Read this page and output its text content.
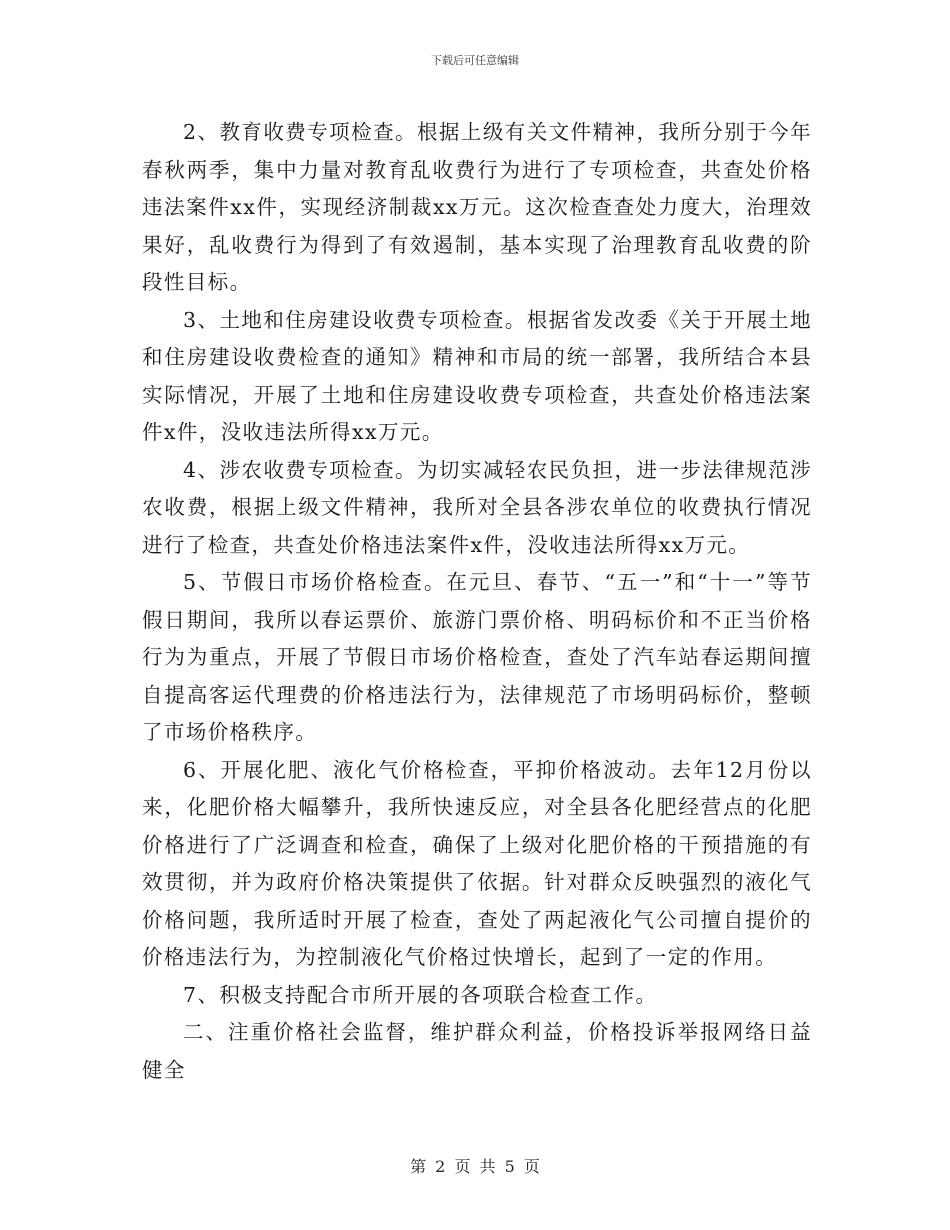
下载后可任意编辑

2、教育收费专项检查。根据上级有关文件精神，我所分别于今年春秋两季，集中力量对教育乱收费行为进行了专项检查，共查处价格违法案件xx件，实现经济制裁xx万元。这次检查查处力度大，治理效果好，乱收费行为得到了有效遏制，基本实现了治理教育乱收费的阶段性目标。

3、土地和住房建设收费专项检查。根据省发改委《关于开展土地和住房建设收费检查的通知》精神和市局的统一部署，我所结合本县实际情况，开展了土地和住房建设收费专项检查，共查处价格违法案件x件，没收违法所得xx万元。

4、涉农收费专项检查。为切实减轻农民负担，进一步法律规范涉农收费，根据上级文件精神，我所对全县各涉农单位的收费执行情况进行了检查，共查处价格违法案件x件，没收违法所得xx万元。

5、节假日市场价格检查。在元旦、春节、“五一”和“十一”等节假日期间，我所以春运票价、旅游门票价格、明码标价和不正当价格行为为重点，开展了节假日市场价格检查，查处了汽车站春运期间擅自提高客运代理费的价格违法行为，法律规范了市场明码标价，整顿了市场价格秩序。

6、开展化肥、液化气价格检查，平抑价格波动。去年12月份以来，化肥价格大幅攀升，我所快速反应，对全县各化肥经营点的化肥价格进行了广泛调查和检查，确保了上级对化肥价格的干预措施的有效贯彻，并为政府价格决策提供了依据。针对群众反映强烈的液化气价格问题，我所适时开展了检查，查处了两起液化气公司擅自提价的价格违法行为，为控制液化气价格过快增长，起到了一定的作用。

7、积极支持配合市所开展的各项联合检查工作。

二、注重价格社会监督，维护群众利益，价格投诉举报网络日益健全

第 2 页 共 5 页
